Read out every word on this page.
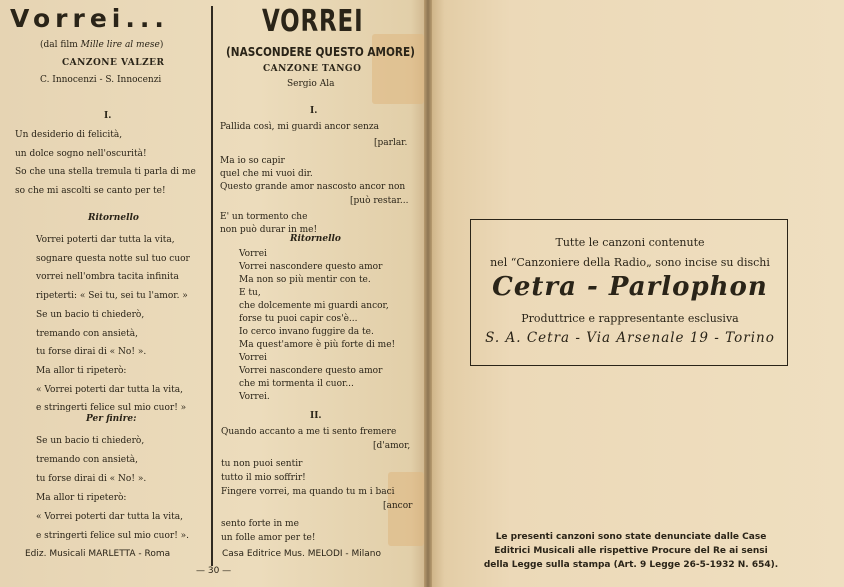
Vorrei...
(dal film Mille lire al mese)
CANZONE VALZER
C. Innocenzi - S. Innocenzi
I.
Un desiderio di felicità,
un dolce sogno nell'oscurità!
So che una stella tremula ti parla di me
so che mi ascolti se canto per te!
Ritornello
Vorrei poterti dar tutta la vita,
sognare questa notte sul tuo cuor
vorrei nell'ombra tacita infinita
ripeterti: « Sei tu, sei tu l'amor. »
Se un bacio ti chiederò,
tremando con ansietà,
tu forse dirai di « No! ».
Ma allor ti ripeterò:
« Vorrei poterti dar tutta la vita,
e stringerti felice sul mio cuor! »
Per finire:
Se un bacio ti chiederò,
tremando con ansietà,
tu forse dirai di « No! ».
Ma allor ti ripeterò:
« Vorrei poterti dar tutta la vita,
e stringerti felice sul mio cuor! ».
Ediz. Musicali MARLETTA - Roma
VORREI
(NASCONDERE QUESTO AMORE)
CANZONE TANGO
Sergio Ala
I.
Pallida così, mi guardi ancor senza
[parlar.
Ma io so capir
quel che mi vuoi dir.
Questo grande amor nascosto ancor non
[può restar...
E' un tormento che
non può durar in me!
Ritornello
Vorrei
Vorrei nascondere questo amor
Ma non so più mentir con te.
E tu,
che dolcemente mi guardi ancor,
forse tu puoi capir cos'è...
Io cerco invano fuggire da te.
Ma quest'amore è più forte di me!
Vorrei
Vorrei nascondere questo amor
che mi tormenta il cuor...
Vorrei.
II.
Quando accanto a me ti sento fremere
[d'amor,
tu non puoi sentir
tutto il mio soffrir!
Fingere vorrei, ma quando tu m i baci
[ancor
sento forte in me
un folle amor per te!
Casa Editrice Mus. MELODI - Milano
— 30 —
Tutte le canzoni contenute
nel “Canzoniere della Radio„ sono incise su dischi
Cetra - Parlophon
Produttrice e rappresentante esclusiva
S. A. Cetra - Via Arsenale 19 - Torino
Le presenti canzoni sono state denunciate dalle Case
Editrici Musicali alle rispettive Procure del Re ai sensi
della Legge sulla stampa (Art. 9 Legge 26-5-1932 N. 654).
